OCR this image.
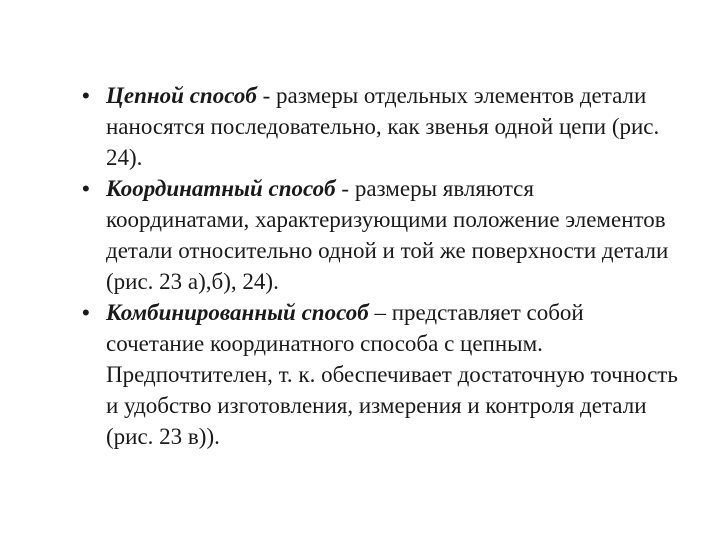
• Цепной способ - размеры отдельных элементов детали наносятся последовательно, как звенья одной цепи (рис. 24).
• Координатный способ - размеры являются координатами, характеризующими положение элементов детали относительно одной и той же поверхности детали (рис. 23 а),б), 24).
• Комбинированный способ – представляет собой сочетание координатного способа с цепным. Предпочтителен, т. к. обеспечивает достаточную точность и удобство изготовления, измерения и контроля детали (рис. 23 в)).
